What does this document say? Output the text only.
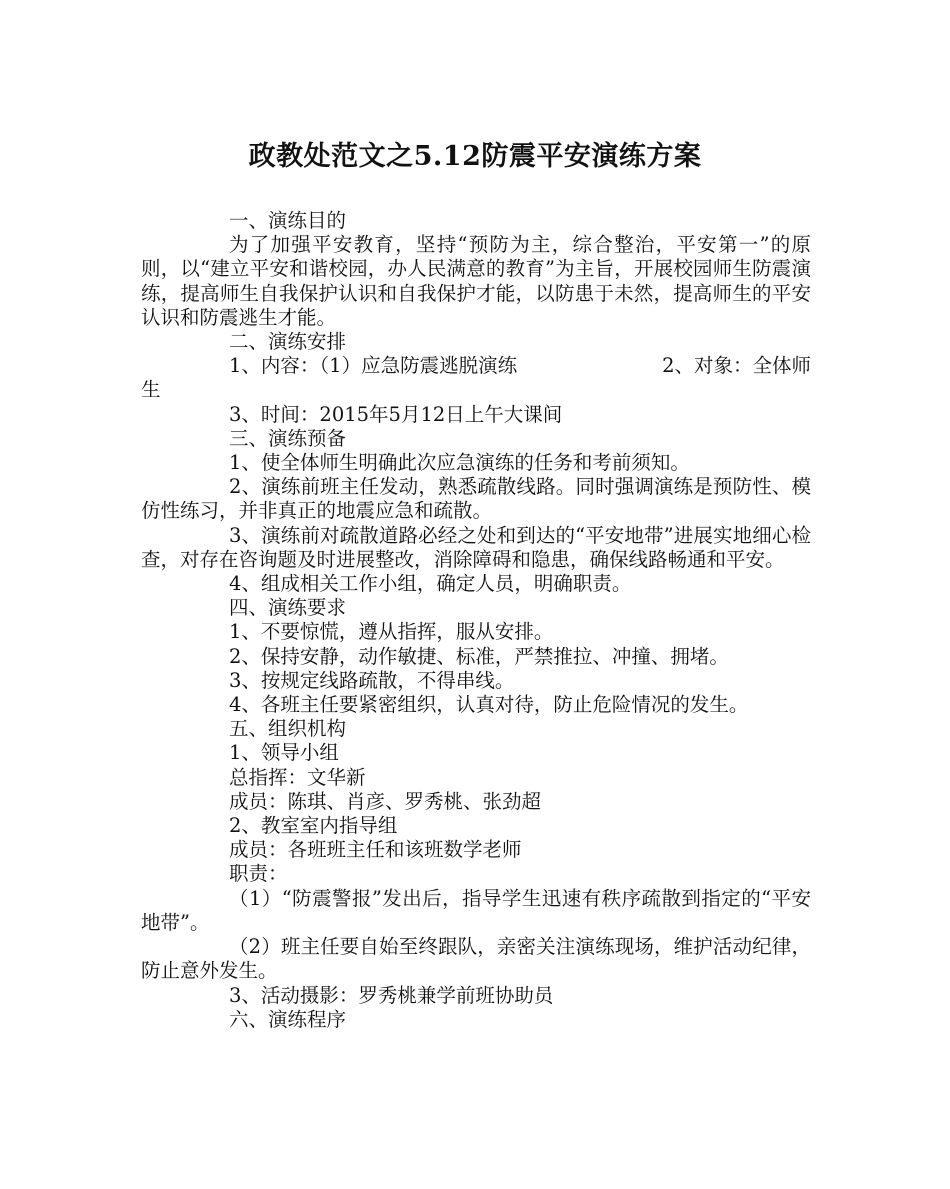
政教处范文之5.12防震平安演练方案

一、演练目的

为了加强平安教育，坚持“预防为主，综合整治，平安第一”的原则，以“建立平安和谐校园，办人民满意的教育”为主旨，开展校园师生防震演练，提高师生自我保护认识和自我保护才能，以防患于未然，提高师生的平安认识和防震逃生才能。

二、演练安排

1、内容：（1）应急防震逃脱演练	2、对象：全体师

生

3、时间：2015年5月12日上午大课间

三、演练预备

1、使全体师生明确此次应急演练的任务和考前须知。

2、演练前班主任发动，熟悉疏散线路。同时强调演练是预防性、模仿性练习，并非真正的地震应急和疏散。

3、演练前对疏散道路必经之处和到达的“平安地带”进展实地细心检查，对存在咨询题及时进展整改，消除障碍和隐患，确保线路畅通和平安。

4、组成相关工作小组，确定人员，明确职责。

四、演练要求

1、不要惊慌，遵从指挥，服从安排。

2、保持安静，动作敏捷、标准，严禁推拉、冲撞、拥堵。

3、按规定线路疏散，不得串线。

4、各班主任要紧密组织，认真对待，防止危险情况的发生。

五、组织机构

1、领导小组

总指挥：文华新

成员：陈琪、肖彦、罗秀桃、张劲超

2、教室室内指导组

成员：各班班主任和该班数学老师

职责：

（1）“防震警报”发出后，指导学生迅速有秩序疏散到指定的“平安地带”。

（2）班主任要自始至终跟队，亲密关注演练现场，维护活动纪律，防止意外发生。

3、活动摄影：罗秀桃兼学前班协助员

六、演练程序
